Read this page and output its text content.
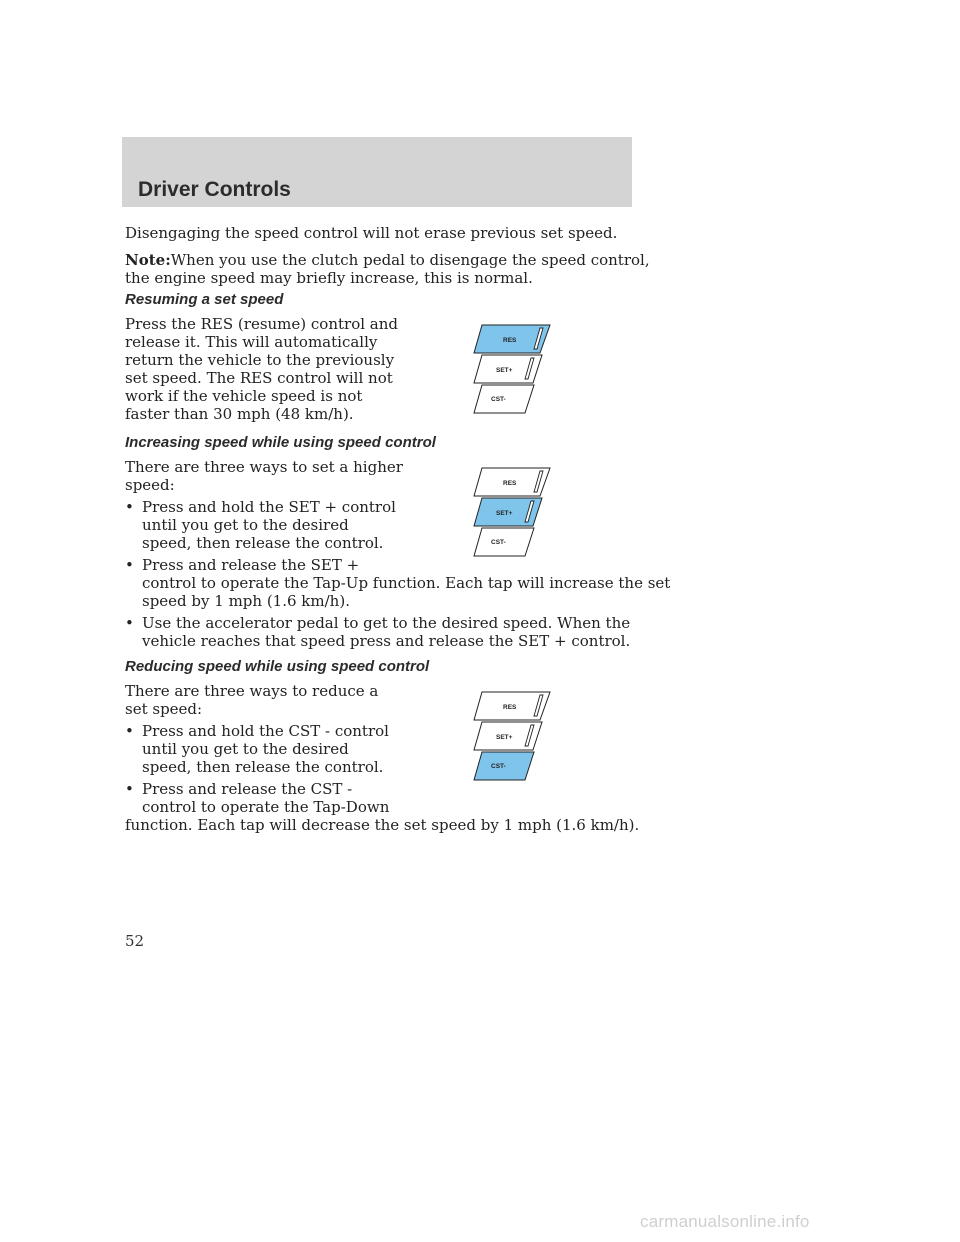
Driver Controls

Disengaging the speed control will not erase previous set speed.

Note:When you use the clutch pedal to disengage the speed control,

the engine speed may briefly increase, this is normal.

Resuming a set speed

Press the RES (resume) control and

release it. This will automatically

return the vehicle to the previously

set speed. The RES control will not

work if the vehicle speed is not

faster than 30 mph (48 km/h).

RES
SET+
CST-
Increasing speed while using speed control

There are three ways to set a higher

speed:

• Press and hold the SET + control

until you get to the desired

speed, then release the control.

• Press and release the SET +

control to operate the Tap-Up function. Each tap will increase the set

speed by 1 mph (1.6 km/h).

• Use the accelerator pedal to get to the desired speed. When the

vehicle reaches that speed press and release the SET + control.

RES
SET+
CST-
Reducing speed while using speed control

There are three ways to reduce a

set speed:

• Press and hold the CST - control

until you get to the desired

speed, then release the control.

• Press and release the CST -

control to operate the Tap-Down

function. Each tap will decrease the set speed by 1 mph (1.6 km/h).

RES
SET+
CST-

52

carmanualsonline.info
